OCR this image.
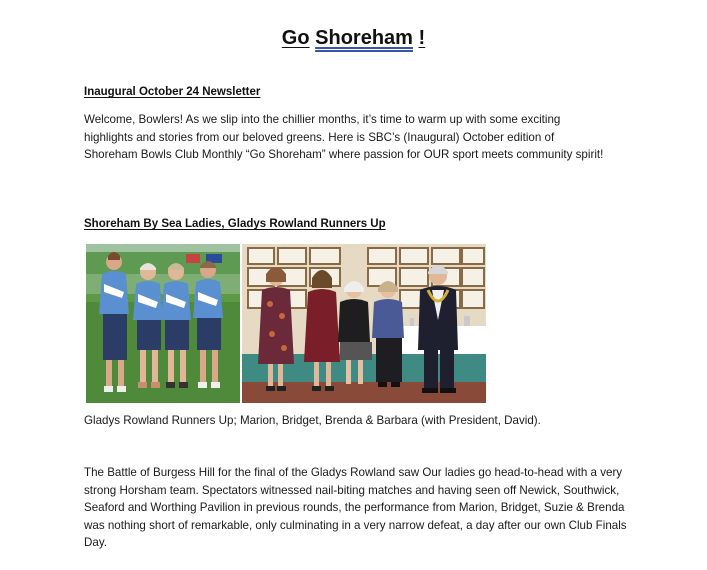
Go Shoreham !
Inaugural October 24 Newsletter
Welcome, Bowlers! As we slip into the chillier months, it’s time to warm up with some exciting highlights and stories from our beloved greens. Here is SBC’s (Inaugural) October edition of Shoreham Bowls Club Monthly “Go Shoreham” where passion for OUR sport meets community spirit!
Shoreham By Sea Ladies, Gladys Rowland Runners Up
Gladys Rowland Runners Up; Marion, Bridget, Brenda & Barbara (with President, David).
The Battle of Burgess Hill for the final of the Gladys Rowland saw Our ladies go head-to-head with a very strong Horsham team. Spectators witnessed nail-biting matches and having seen off Newick, Southwick, Seaford and Worthing Pavilion in previous rounds, the performance from Marion, Bridget, Suzie & Brenda was nothing short of remarkable, only culminating in a very narrow defeat, a day after our own Club Finals Day.
